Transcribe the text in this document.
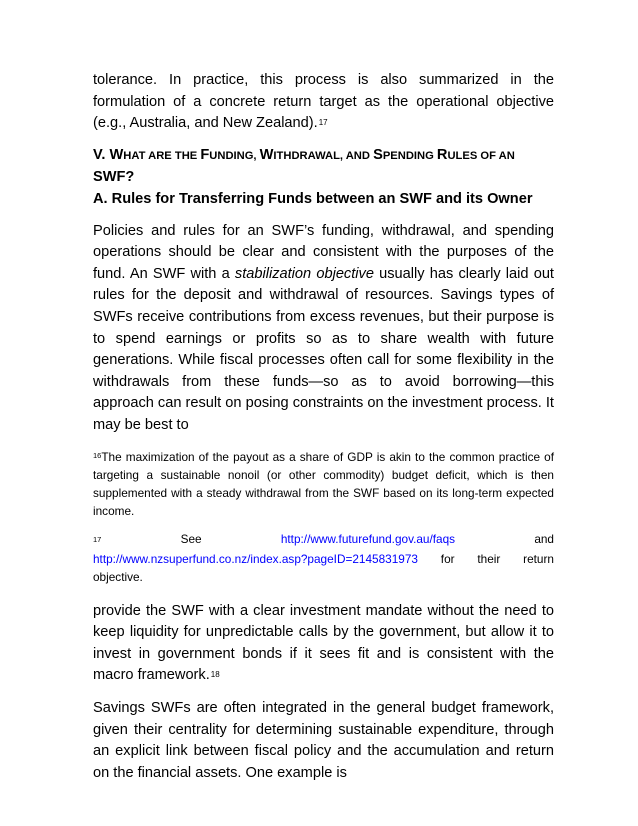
tolerance. In practice, this process is also summarized in the formulation of a concrete return target as the operational objective (e.g., Australia, and New Zealand).$^{17}$

V. WHAT ARE THE FUNDING, WITHDRAWAL, AND SPENDING RULES OF AN SWF?

A. Rules for Transferring Funds between an SWF and its Owner

Policies and rules for an SWF’s funding, withdrawal, and spending operations should be clear and consistent with the purposes of the fund. An SWF with a stabilization objective usually has clearly laid out rules for the deposit and withdrawal of resources. Savings types of SWFs receive contributions from excess revenues, but their purpose is to spend earnings or profits so as to share wealth with future generations. While fiscal processes often call for some flexibility in the withdrawals from these funds—so as to avoid borrowing—this approach can result on posing constraints on the investment process. It may be best to

$^{16}$The maximization of the payout as a share of GDP is akin to the common practice of targeting a sustainable nonoil (or other commodity) budget deficit, which is then supplemented with a steady withdrawal from the SWF based on its long-term expected income.

17	See	http://www.futurefund.gov.au/faqs	and
http://www.nzsuperfund.co.nz/index.asp?pageID=2145831973 for their return
objective.

provide the SWF with a clear investment mandate without the need to keep liquidity for unpredictable calls by the government, but allow it to invest in government bonds if it sees fit and is consistent with the macro framework.$^{18}$

Savings SWFs are often integrated in the general budget framework, given their centrality for determining sustainable expenditure, through an explicit link between fiscal policy and the accumulation and return on the financial assets. One example is
